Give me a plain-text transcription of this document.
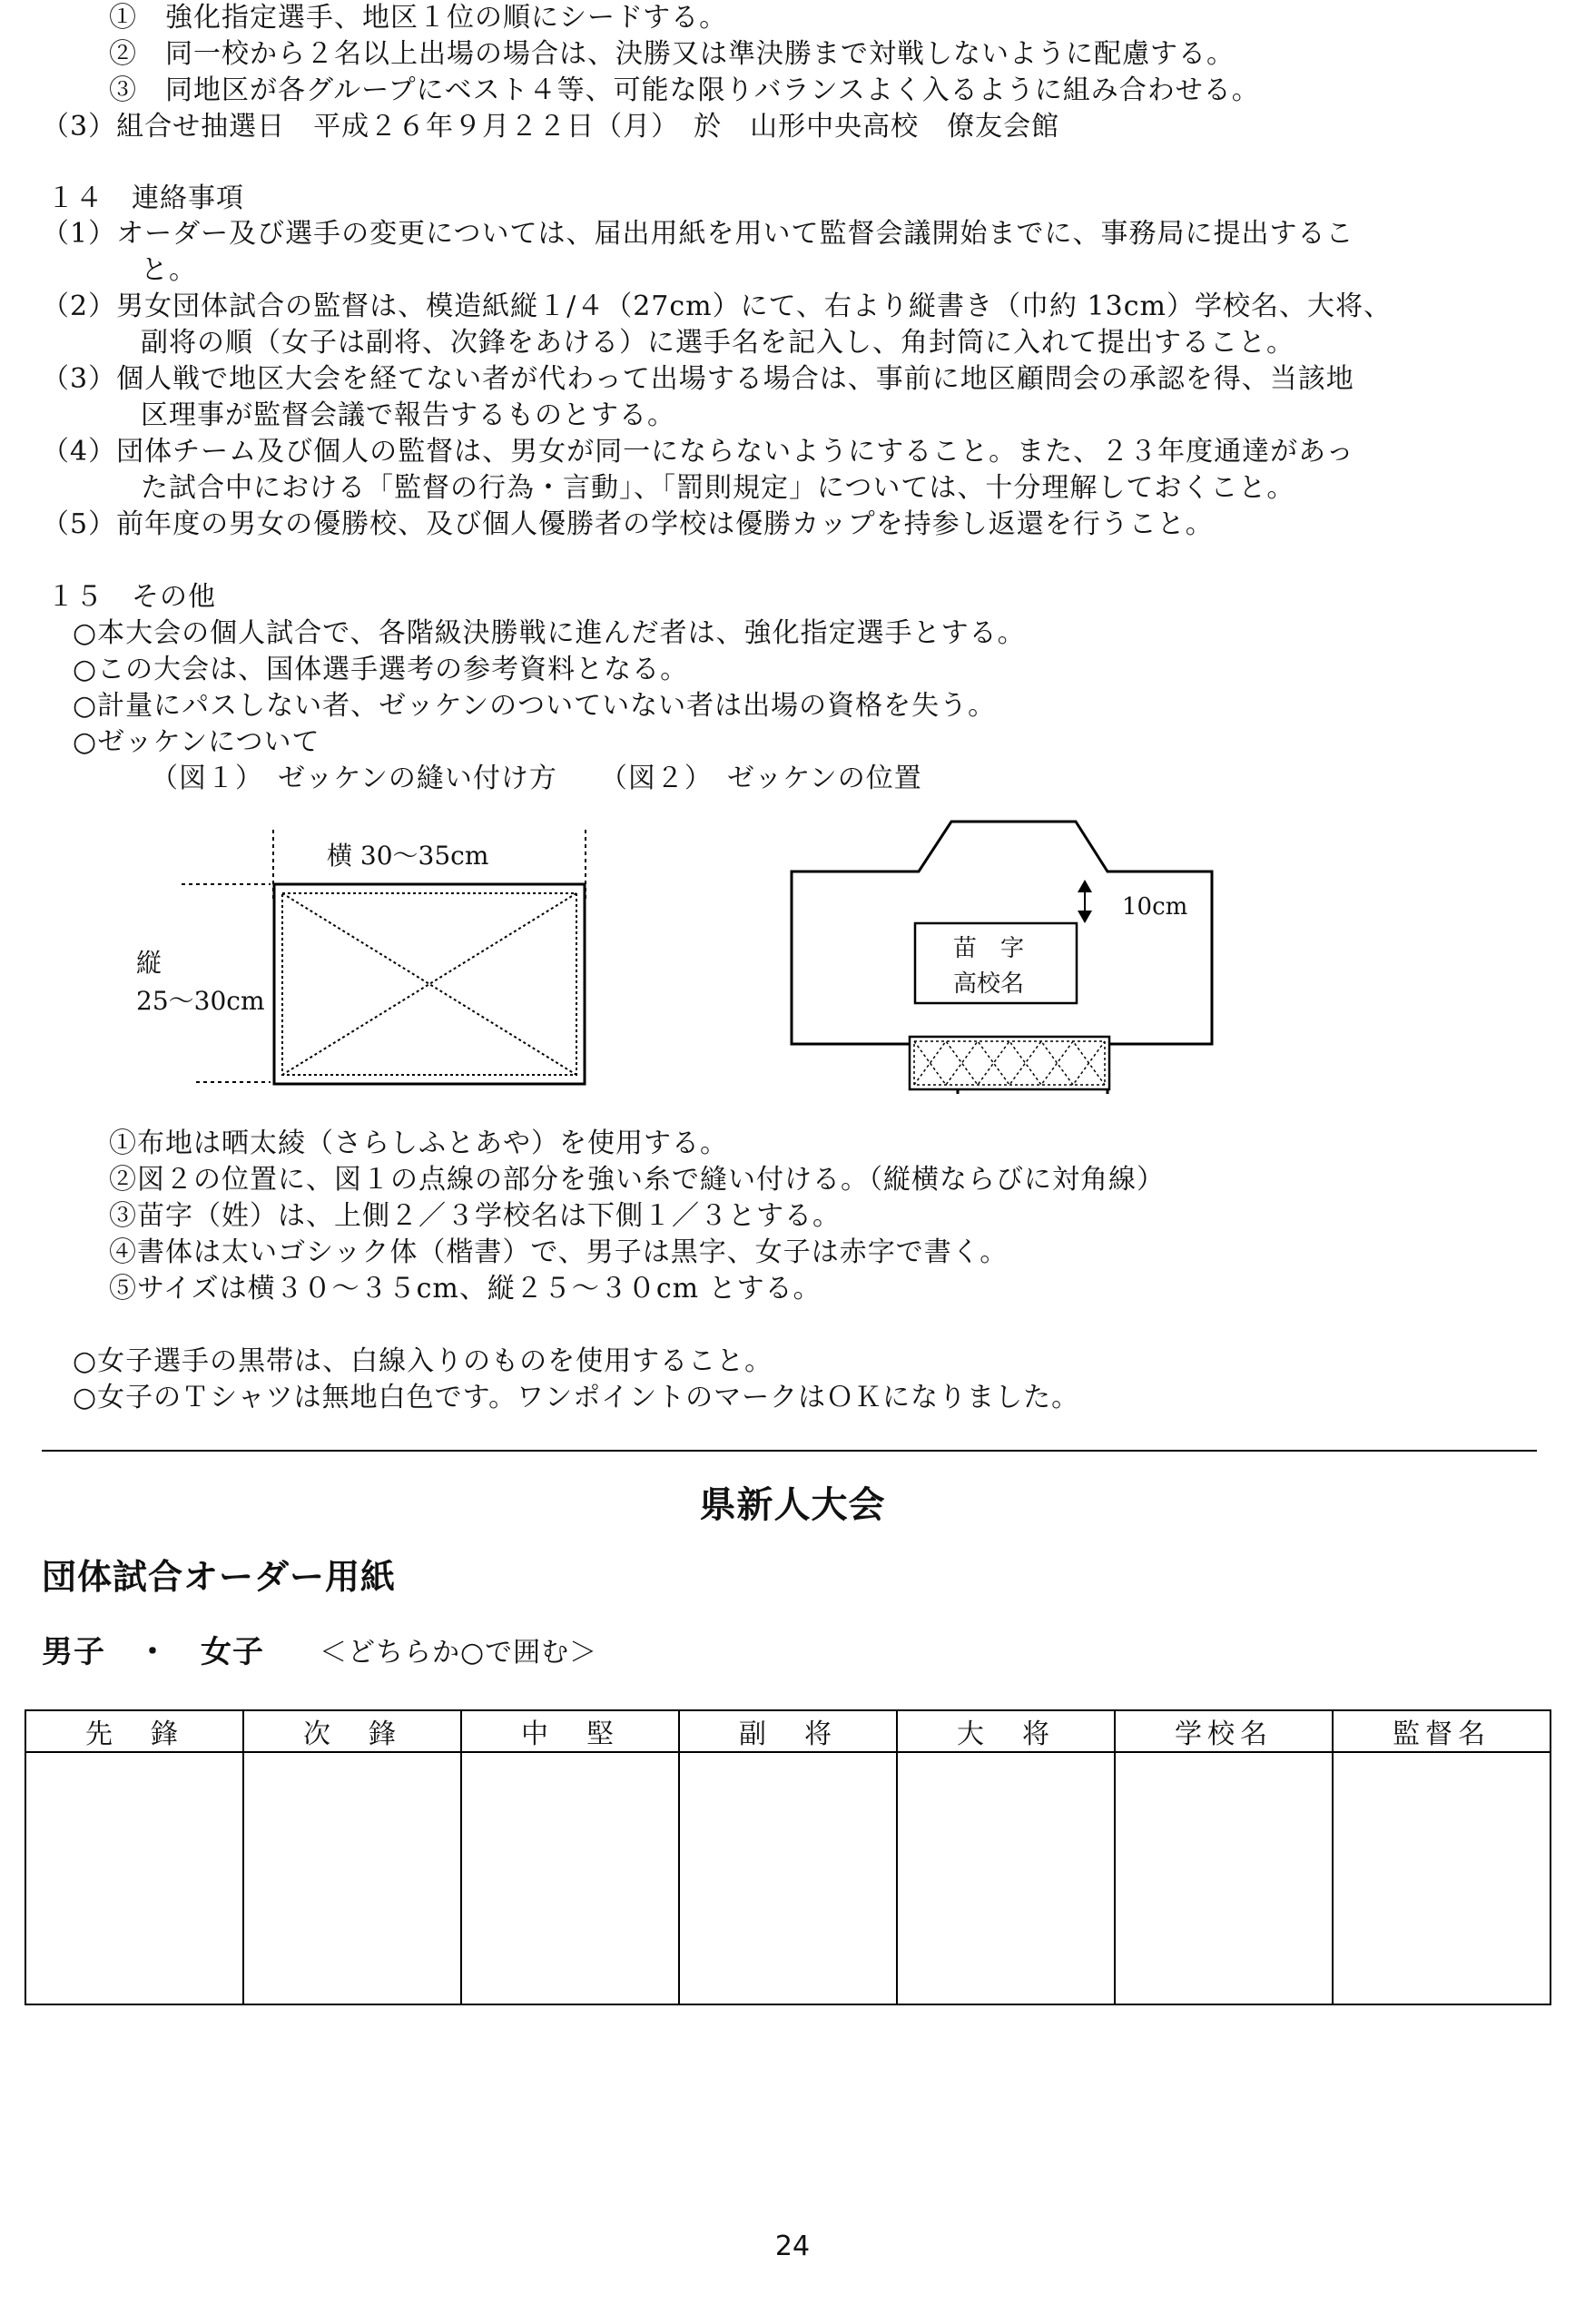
①　強化指定選手、地区１位の順にシードする。
②　同一校から２名以上出場の場合は、決勝又は準決勝まで対戦しないように配慮する。
③　同地区が各グループにベスト４等、可能な限りバランスよく入るように組み合わせる。
（3）組合せ抽選日　平成２６年９月２２日（月）　於　山形中央高校　僚友会館
１４　連絡事項
（1）オーダー及び選手の変更については、届出用紙を用いて監督会議開始までに、事務局に提出するこ
と。
（2）男女団体試合の監督は、模造紙縦１/４（27cm）にて、右より縦書き（巾約 13cm）学校名、大将、
副将の順（女子は副将、次鋒をあける）に選手名を記入し、角封筒に入れて提出すること。
（3）個人戦で地区大会を経てない者が代わって出場する場合は、事前に地区顧問会の承認を得、当該地
区理事が監督会議で報告するものとする。
（4）団体チーム及び個人の監督は、男女が同一にならないようにすること。また、２３年度通達があっ
た試合中における「監督の行為・言動」、「罰則規定」については、十分理解しておくこと。
（5）前年度の男女の優勝校、及び個人優勝者の学校は優勝カップを持参し返還を行うこと。
１５　その他
○本大会の個人試合で、各階級決勝戦に進んだ者は、強化指定選手とする。
○この大会は、国体選手選考の参考資料となる。
○計量にパスしない者、ゼッケンのついていない者は出場の資格を失う。
○ゼッケンについて
（図１）　ゼッケンの縫い付け方　　（図２）　ゼッケンの位置
横 30〜35cm
縦
25〜30cm
10cm
苗　字
高校名
①布地は晒太綾（さらしふとあや）を使用する。
②図２の位置に、図１の点線の部分を強い糸で縫い付ける。（縦横ならびに対角線）
③苗字（姓）は、上側２／３学校名は下側１／３とする。
④書体は太いゴシック体（楷書）で、男子は黒字、女子は赤字で書く。
⑤サイズは横３０～３５cm、縦２５～３０cm とする。
○女子選手の黒帯は、白線入りのものを使用すること。
○女子のＴシャツは無地白色です。ワンポイントのマークはＯＫになりました。
県新人大会
団体試合オーダー用紙
男子　・　女子 ＜どちらか○で囲む＞
先　鋒	次　鋒	中　堅	副　将	大　将	学校名	監督名

24
